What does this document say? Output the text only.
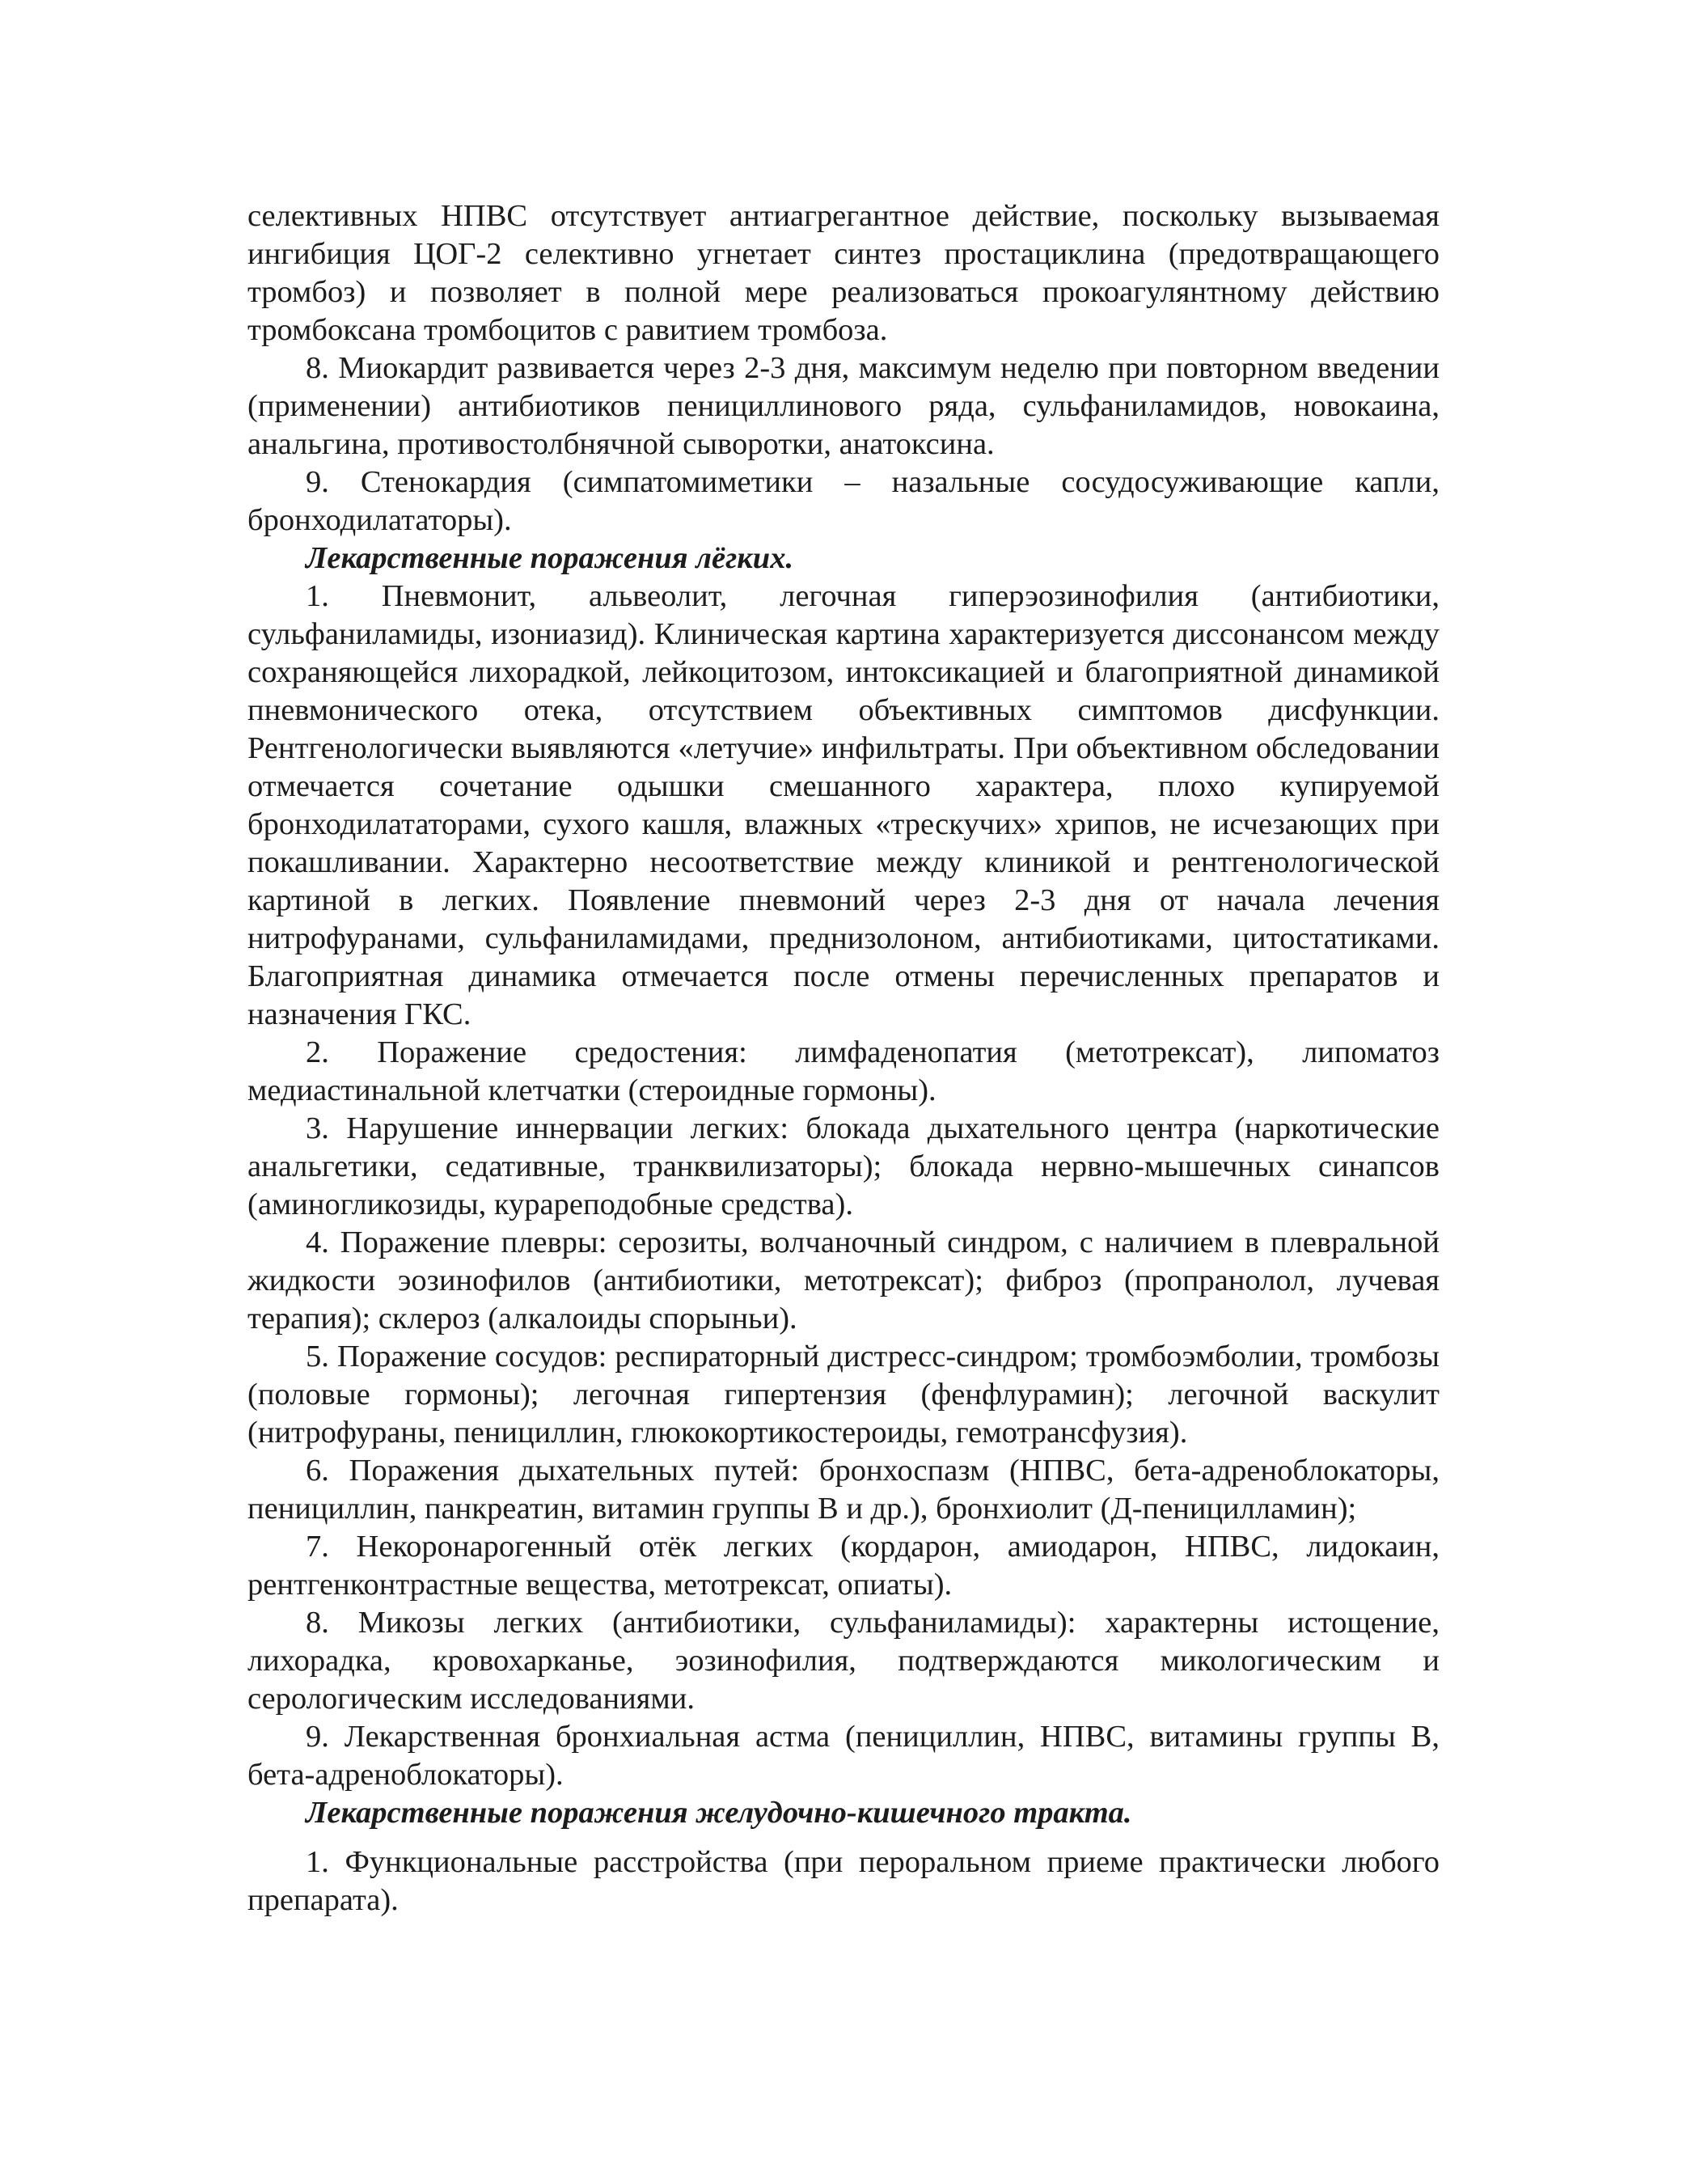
селективных НПВС отсутствует антиагрегантное действие, поскольку вызываемая ингибиция ЦОГ-2 селективно угнетает синтез простациклина (предотвращающего тромбоз) и позволяет в полной мере реализоваться прокоагулянтному действию тромбоксана тромбоцитов с равитием тромбоза.

8. Миокардит развивается через 2-3 дня, максимум неделю при повторном введении (применении) антибиотиков пенициллинового ряда, сульфаниламидов, новокаина, анальгина, противостолбнячной сыворотки, анатоксина.

9. Стенокардия (симпатомиметики – назальные сосудосуживающие капли, бронходилататоры).

Лекарственные поражения лёгких.

1. Пневмонит, альвеолит, легочная гиперэозинофилия (антибиотики, сульфаниламиды, изониазид). Клиническая картина характеризуется диссонансом между сохраняющейся лихорадкой, лейкоцитозом, интоксикацией и благоприятной динамикой пневмонического отека, отсутствием объективных симптомов дисфункции. Рентгенологически выявляются «летучие» инфильтраты. При объективном обследовании отмечается сочетание одышки смешанного характера, плохо купируемой бронходилататорами, сухого кашля, влажных «трескучих» хрипов, не исчезающих при покашливании. Характерно несоответствие между клиникой и рентгенологической картиной в легких. Появление пневмоний через 2-3 дня от начала лечения нитрофуранами, сульфаниламидами, преднизолоном, антибиотиками, цитостатиками. Благоприятная динамика отмечается после отмены перечисленных препаратов и назначения ГКС.

2. Поражение средостения: лимфаденопатия (метотрексат), липоматоз медиастинальной клетчатки (стероидные гормоны).

3. Нарушение иннервации легких: блокада дыхательного центра (наркотические анальгетики, седативные, транквилизаторы); блокада нервно-мышечных синапсов (аминогликозиды, курареподобные средства).

4. Поражение плевры: серозиты, волчаночный синдром, с наличием в плевральной жидкости эозинофилов (антибиотики, метотрексат); фиброз (пропранолол, лучевая терапия); склероз (алкалоиды спорыньи).

5. Поражение сосудов: респираторный дистресс-синдром; тромбоэмболии, тромбозы (половые гормоны); легочная гипертензия (фенфлурамин); легочной васкулит (нитрофураны, пенициллин, глюкокортикостероиды, гемотрансфузия).

6. Поражения дыхательных путей: бронхоспазм (НПВС, бета-адреноблокаторы, пенициллин, панкреатин, витамин группы В и др.), бронхиолит (Д-пеницилламин);

7. Некоронарогенный отёк легких (кордарон, амиодарон, НПВС, лидокаин, рентгенконтрастные вещества, метотрексат, опиаты).

8. Микозы легких (антибиотики, сульфаниламиды): характерны истощение, лихорадка, кровохарканье, эозинофилия, подтверждаются микологическим и серологическим исследованиями.

9. Лекарственная бронхиальная астма (пенициллин, НПВС, витамины группы В, бета-адреноблокаторы).

Лекарственные поражения желудочно-кишечного тракта.

1. Функциональные расстройства (при пероральном приеме практически любого препарата).
